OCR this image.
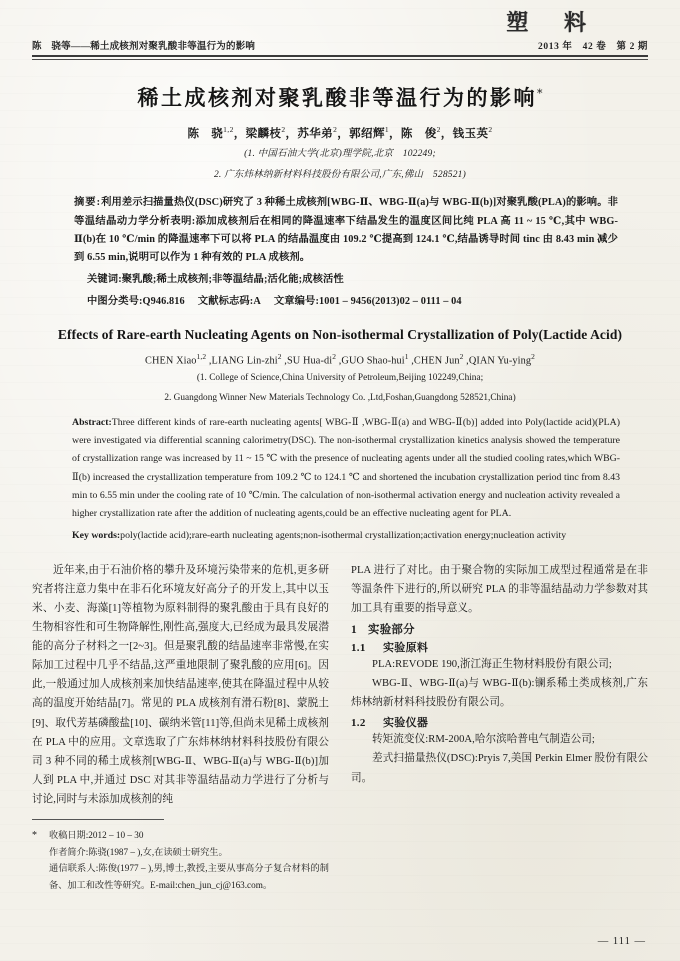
塑 料
陈　骁等——稀土成核剂对聚乳酸非等温行为的影响	2013 年　42 卷　第 2 期
稀土成核剂对聚乳酸非等温行为的影响*
陈　骁$^{1,2}$，梁麟枝$^2$，苏华弟$^2$，郭绍辉$^1$，陈　俊$^2$，钱玉英$^2$
(1. 中国石油大学(北京)理学院,北京　102249;
2. 广东炜林纳新材料科技股份有限公司,广东,佛山　528521)
摘要:利用差示扫描量热仪(DSC)研究了 3 种稀土成核剂[WBG-Ⅱ、WBG-Ⅱ(a)与 WBG-Ⅱ(b)]对聚乳酸(PLA)的影响。非等温结晶动力学分析表明:添加成核剂后在相同的降温速率下结晶发生的温度区间比纯 PLA 高 11 ~ 15 ℃,其中 WBG-Ⅱ(b)在 10 ℃/min 的降温速率下可以将 PLA 的结晶温度由 109.2 ℃提高到 124.1 ℃,结晶诱导时间 tinc 由 8.43 min 减少到 6.55 min,说明可以作为 1 种有效的 PLA 成核剂。
关键词:聚乳酸;稀土成核剂;非等温结晶;活化能;成核活性
中图分类号:Q946.816 文献标志码:A 文章编号:1001 – 9456(2013)02 – 0111 – 04
Effects of Rare-earth Nucleating Agents on Non-isothermal Crystallization of Poly(Lactide Acid)
CHEN Xiao$^{1,2}$ ,LIANG Lin-zhi$^2$ ,SU Hua-$di^2$ ,GUO Shao-hui$^1$ ,CHEN Jun$^2$ ,QIAN Yu-ying$^2$
(1. College of Science,China University of Petroleum,Beijing 102249,China;
2. Guangdong Winner New Materials Technology Co. ,Ltd,Foshan,Guangdong 528521,China)
Abstract:Three different kinds of rare-earth nucleating agents[ WBG-Ⅱ ,WBG-Ⅱ(a) and WBG-Ⅱ(b)] added into Poly(lactide acid)(PLA) were investigated via differential scanning calorimetry(DSC). The non-isothermal crystallization kinetics analysis showed the temperature of crystallization range was increased by 11 ~ 15 ℃ with the presence of nucleating agents under all the studied cooling rates,which WBG-Ⅱ(b) increased the crystallization temperature from 109.2 ℃ to 124.1 ℃ and shortened the incubation crystallization period tinc from 8.43 min to 6.55 min under the cooling rate of 10 ℃/min. The calculation of non-isothermal activation energy and nucleation activity revealed a higher crystallization rate after the addition of nucleating agents,could be an effective nucleating agent for PLA.
Key words:poly(lactide acid);rare-earth nucleating agents;non-isothermal crystallization;activation energy;nucleation activity

近年来,由于石油价格的攀升及环境污染带来的危机,更多研究者将注意力集中在非石化环境友好高分子的开发上,其中以玉米、小麦、海藻[1]等植物为原料制得的聚乳酸由于具有良好的生物相容性和可生物降解性,刚性高,强度大,已经成为最具发展潜能的高分子材料之一[2~3]。但是聚乳酸的结晶速率非常慢,在实际加工过程中几乎不结晶,这严重地限制了聚乳酸的应用[6]。因此,一般通过加人成核剂来加快结晶速率,使其在降温过程中从较高的温度开始结晶[7]。常见的 PLA 成核剂有滑石粉[8]、蒙脱土[9]、取代芳基磷酸盐[10]、碳纳米管[11]等,但尚未见稀土成核剂在 PLA 中的应用。文章选取了广东炜林纳材料科技股份有限公司 3 种不同的稀土成核剂[WBG-Ⅱ、WBG-Ⅱ(a)与 WBG-Ⅱ(b)]加人到 PLA 中,并通过 DSC 对其非等温结晶动力学进行了分析与讨论,同时与未添加成核剂的纯

*	收稿日期:2012 – 10 – 30
作者简介:陈骁(1987 – ),女,在读硕士研究生。
通信联系人:陈俊(1977 – ),男,博士,教授,主要从事高分子复合材料的制备、加工和改性等研究。E-mail:chen_jun_cj@163.com。

PLA 进行了对比。由于聚合物的实际加工成型过程通常是在非等温条件下进行的,所以研究 PLA 的非等温结晶动力学参数对其加工具有重要的指导意义。

1 实验部分
1.1 实验原料

PLA:REVODE 190,浙江海正生物材料股份有限公司;

WBG-Ⅱ、WBG-Ⅱ(a)与 WBG-Ⅱ(b):镧系稀土类成核剂,广东炜林纳新材料科技股份有限公司。

1.2 实验仪器

转矩流变仪:RM-200A,哈尔滨哈普电气制造公司;

差式扫描量热仪(DSC):Pryis 7,美国 Perkin Elmer 股份有限公司。

— 111 —
